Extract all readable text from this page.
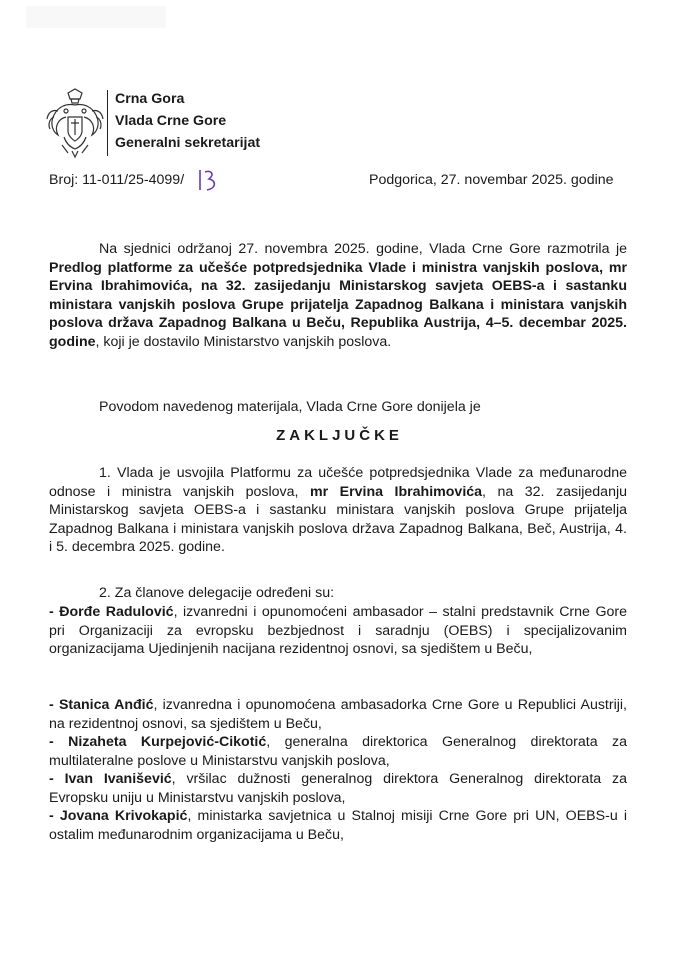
Crna Gora
Vlada Crne Gore
Generalni sekretarijat
Broj: 11-011/25-4099/	Podgorica, 27. novembar 2025. godine
Na sjednici održanoj 27. novembra 2025. godine, Vlada Crne Gore razmotrila je Predlog platforme za učešće potpredsjednika Vlade i ministra vanjskih poslova, mr Ervina Ibrahimovića, na 32. zasijedanju Ministarskog savjeta OEBS-a i sastanku ministara vanjskih poslova Grupe prijatelja Zapadnog Balkana i ministara vanjskih poslova država Zapadnog Balkana u Beču, Republika Austrija, 4–5. decembar 2025. godine, koji je dostavilo Ministarstvo vanjskih poslova.
Povodom navedenog materijala, Vlada Crne Gore donijela je
ZAKLJUČKE
1. Vlada je usvojila Platformu za učešće potpredsjednika Vlade za međunarodne odnose i ministra vanjskih poslova, mr Ervina Ibrahimovića, na 32. zasijedanju Ministarskog savjeta OEBS-a i sastanku ministara vanjskih poslova Grupe prijatelja Zapadnog Balkana i ministara vanjskih poslova država Zapadnog Balkana, Beč, Austrija, 4. i 5. decembra 2025. godine.
2. Za članove delegacije određeni su:
- Đorđe Radulović, izvanredni i opunomoćeni ambasador – stalni predstavnik Crne Gore pri Organizaciji za evropsku bezbjednost i saradnju (OEBS) i specijalizovanim organizacijama Ujedinjenih nacijana rezidentnoj osnovi, sa sjedištem u Beču,
- Stanica Anđić, izvanredna i opunomoćena ambasadorka Crne Gore u Republici Austriji, na rezidentnoj osnovi, sa sjedištem u Beču,
- Nizaheta Kurpejović-Cikotić, generalna direktorica Generalnog direktorata za multilateralne poslove u Ministarstvu vanjskih poslova,
- Ivan Ivanišević, vršilac dužnosti generalnog direktora Generalnog direktorata za Evropsku uniju u Ministarstvu vanjskih poslova,
- Jovana Krivokapić, ministarka savjetnica u Stalnoj misiji Crne Gore pri UN, OEBS-u i ostalim međunarodnim organizacijama u Beču,
